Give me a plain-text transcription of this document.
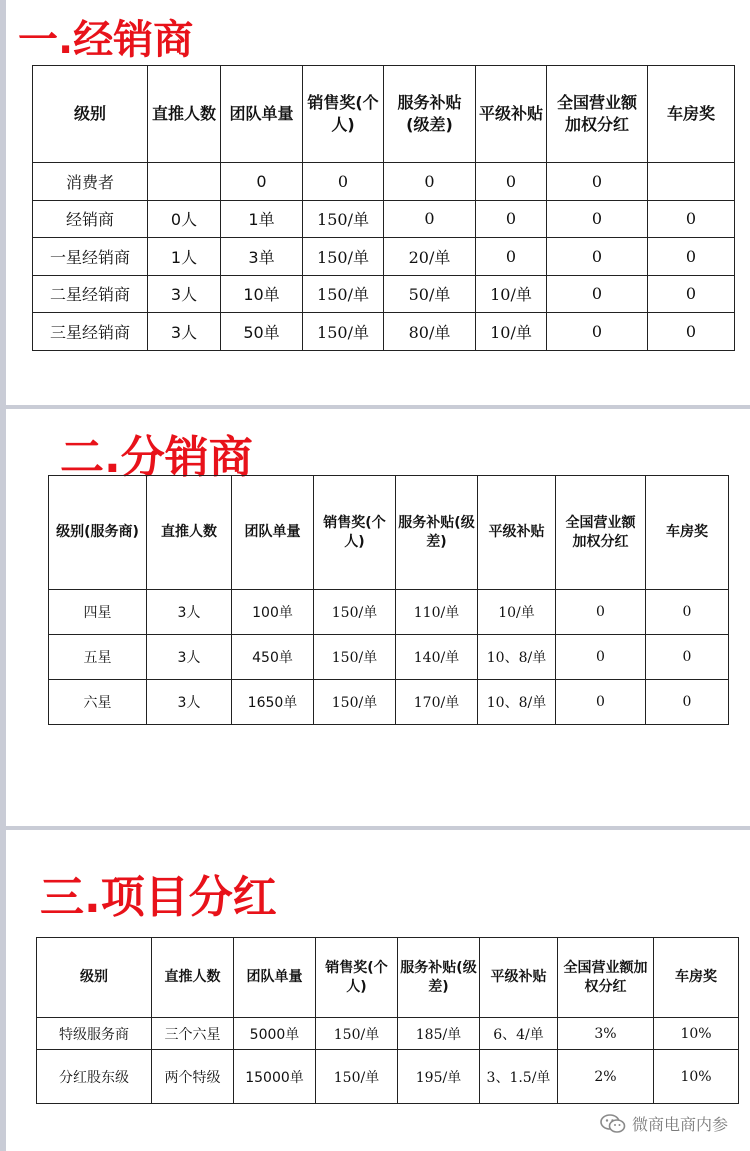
一.经销商
级别	直推人数	团队单量	销售奖(个人)	服务补贴(级差)	平级补贴	全国营业额 加权分红	车房奖
消费者		0	0	0	0	0	
经销商	0人	1单	150/单	0	0	0	0
一星经销商	1人	3单	150/单	20/单	0	0	0
二星经销商	3人	10单	150/单	50/单	10/单	0	0
三星经销商	3人	50单	150/单	80/单	10/单	0	0
二.分销商
级别(服务商)	直推人数	团队单量	销售奖(个人)	服务补贴(级差)	平级补贴	全国营业额 加权分红	车房奖
四星	3人	100单	150/单	110/单	10/单	0	0
五星	3人	450单	150/单	140/单	10、8/单	0	0
六星	3人	1650单	150/单	170/单	10、8/单	0	0
三.项目分红
级别	直推人数	团队单量	销售奖(个人)	服务补贴(级差)	平级补贴	全国营业额加权分红	车房奖
特级服务商	三个六星	5000单	150/单	185/单	6、4/单	3%	10%
分红股东级	两个特级	15000单	150/单	195/单	3、1.5/单	2%	10%
微商电商内参
